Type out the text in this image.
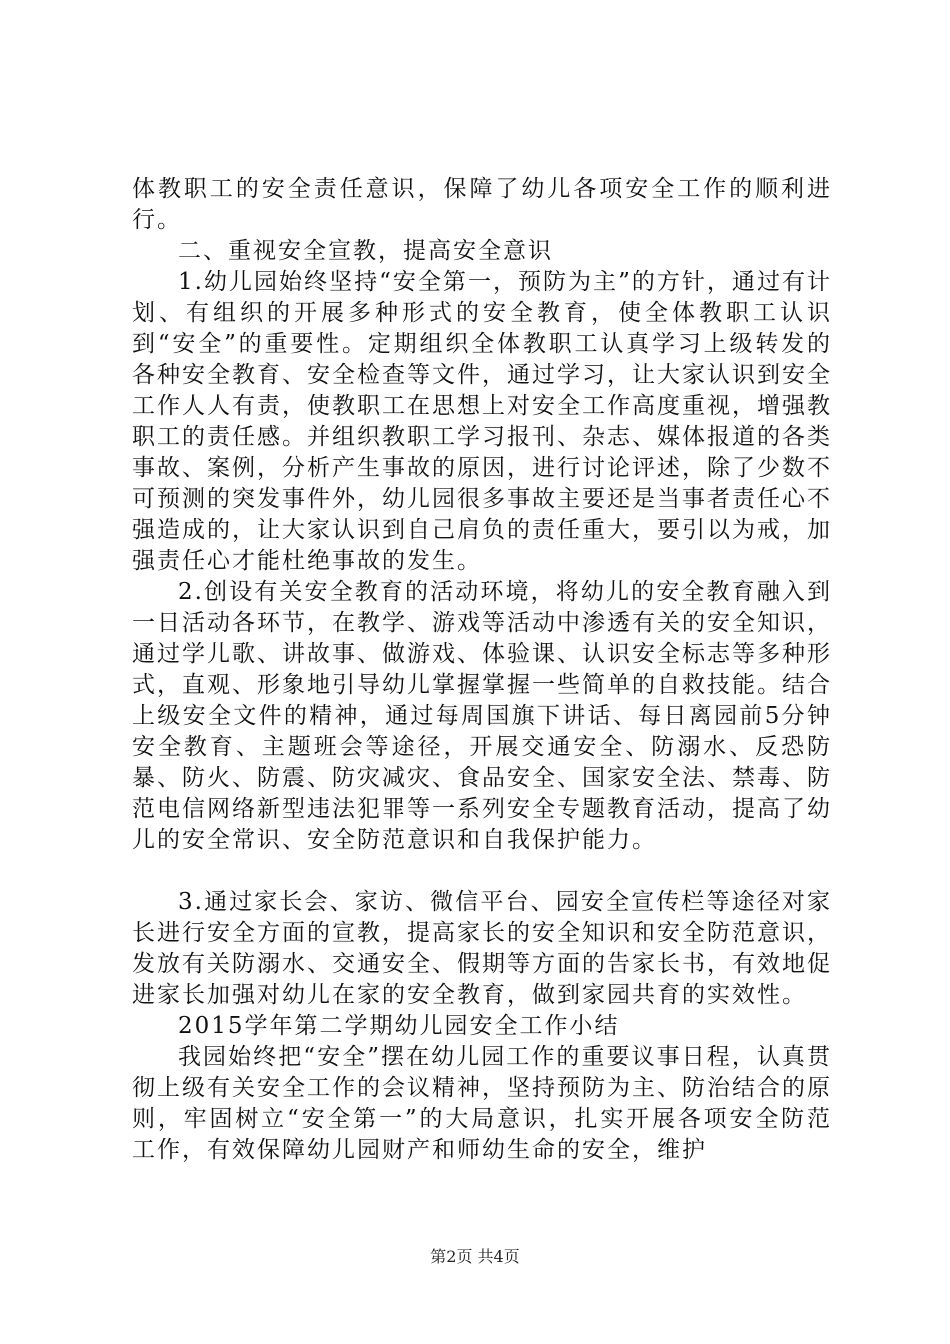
体教职工的安全责任意识，保障了幼儿各项安全工作的顺利进行。

二、重视安全宣教，提高安全意识

1.幼儿园始终坚持“安全第一，预防为主”的方针，通过有计划、有组织的开展多种形式的安全教育，使全体教职工认识到“安全”的重要性。定期组织全体教职工认真学习上级转发的各种安全教育、安全检查等文件，通过学习，让大家认识到安全工作人人有责，使教职工在思想上对安全工作高度重视，增强教职工的责任感。并组织教职工学习报刊、杂志、媒体报道的各类事故、案例，分析产生事故的原因，进行讨论评述，除了少数不可预测的突发事件外，幼儿园很多事故主要还是当事者责任心不强造成的，让大家认识到自己肩负的责任重大，要引以为戒，加强责任心才能杜绝事故的发生。

2.创设有关安全教育的活动环境，将幼儿的安全教育融入到一日活动各环节，在教学、游戏等活动中渗透有关的安全知识，通过学儿歌、讲故事、做游戏、体验课、认识安全标志等多种形式，直观、形象地引导幼儿掌握掌握一些简单的自救技能。结合上级安全文件的精神，通过每周国旗下讲话、每日离园前5分钟安全教育、主题班会等途径，开展交通安全、防溺水、反恐防暴、防火、防震、防灾减灾、食品安全、国家安全法、禁毒、防范电信网络新型违法犯罪等一系列安全专题教育活动，提高了幼儿的安全常识、安全防范意识和自我保护能力。

3.通过家长会、家访、微信平台、园安全宣传栏等途径对家长进行安全方面的宣教，提高家长的安全知识和安全防范意识，发放有关防溺水、交通安全、假期等方面的告家长书，有效地促进家长加强对幼儿在家的安全教育，做到家园共育的实效性。

2015学年第二学期幼儿园安全工作小结

我园始终把“安全”摆在幼儿园工作的重要议事日程，认真贯彻上级有关安全工作的会议精神，坚持预防为主、防治结合的原则，牢固树立“安全第一”的大局意识，扎实开展各项安全防范工作，有效保障幼儿园财产和师幼生命的安全，维护

第2页 共4页
